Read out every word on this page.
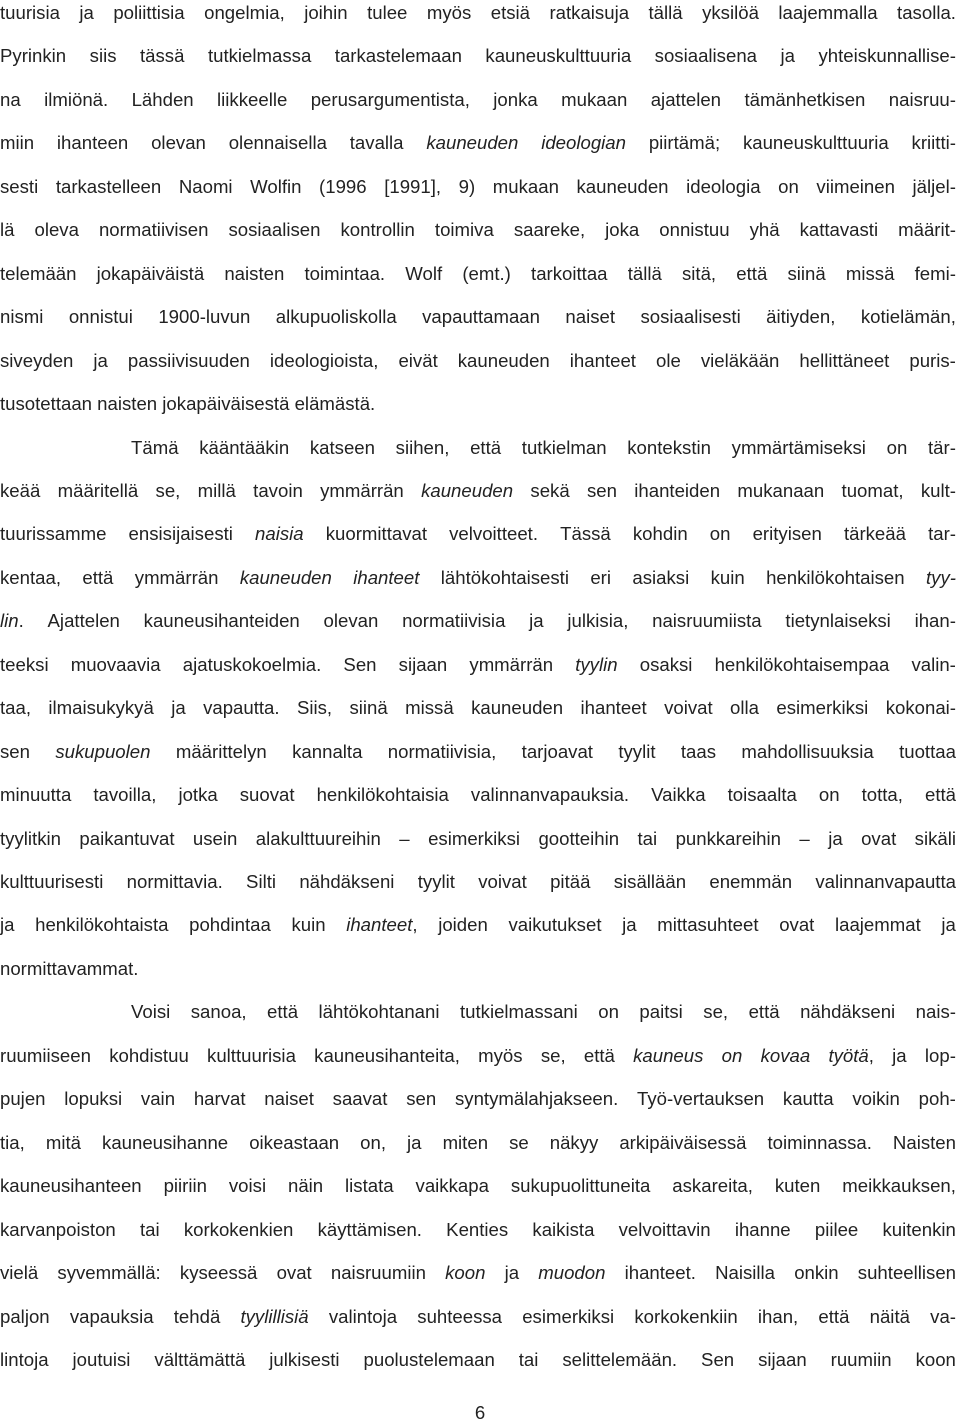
tuurisia ja poliittisia ongelmia, joihin tulee myös etsiä ratkaisuja tällä yksilöä laajemmalla tasolla.
Pyrinkin siis tässä tutkielmassa tarkastelemaan kauneuskulttuuria sosiaalisena ja yhteiskunnallise-
na ilmiönä. Lähden liikkeelle perusargumentista, jonka mukaan ajattelen tämänhetkisen naisruu-
miin ihanteen olevan olennaisella tavalla kauneuden ideologian piirtämä; kauneuskulttuuria kriitti-
sesti tarkastelleen Naomi Wolfin (1996 [1991], 9) mukaan kauneuden ideologia on viimeinen jäljel-
lä oleva normatiivisen sosiaalisen kontrollin toimiva saareke, joka onnistuu yhä kattavasti määrit-
telemään jokapäiväistä naisten toimintaa. Wolf (emt.) tarkoittaa tällä sitä, että siinä missä femi-
nismi onnistui 1900-luvun alkupuoliskolla vapauttamaan naiset sosiaalisesti äitiyden, kotielämän,
siveyden ja passiivisuuden ideologioista, eivät kauneuden ihanteet ole vieläkään hellittäneet puris-
tusotettaan naisten jokapäiväisestä elämästä.
Tämä kääntääkin katseen siihen, että tutkielman kontekstin ymmärtämiseksi on tär-
keää määritellä se, millä tavoin ymmärrän kauneuden sekä sen ihanteiden mukanaan tuomat, kult-
tuurissamme ensisijaisesti naisia kuormittavat velvoitteet. Tässä kohdin on erityisen tärkeää tar-
kentaa, että ymmärrän kauneuden ihanteet lähtökohtaisesti eri asiaksi kuin henkilökohtaisen tyy-
lin. Ajattelen kauneusihanteiden olevan normatiivisia ja julkisia, naisruumiista tietynlaiseksi ihan-
teeksi muovaavia ajatuskokoelmia. Sen sijaan ymmärrän tyylin osaksi henkilökohtaisempaa valin-
taa, ilmaisukykyä ja vapautta. Siis, siinä missä kauneuden ihanteet voivat olla esimerkiksi kokonai-
sen sukupuolen määrittelyn kannalta normatiivisia, tarjoavat tyylit taas mahdollisuuksia tuottaa
minuutta tavoilla, jotka suovat henkilökohtaisia valinnanvapauksia. Vaikka toisaalta on totta, että
tyylitkin paikantuvat usein alakulttuureihin – esimerkiksi gootteihin tai punkkareihin – ja ovat sikäli
kulttuurisesti normittavia. Silti nähdäkseni tyylit voivat pitää sisällään enemmän valinnanvapautta
ja henkilökohtaista pohdintaa kuin ihanteet, joiden vaikutukset ja mittasuhteet ovat laajemmat ja
normittavammat.
Voisi sanoa, että lähtökohtanani tutkielmassani on paitsi se, että nähdäkseni nais-
ruumiiseen kohdistuu kulttuurisia kauneusihanteita, myös se, että kauneus on kovaa työtä, ja lop-
pujen lopuksi vain harvat naiset saavat sen syntymälahjakseen. Työ-vertauksen kautta voikin poh-
tia, mitä kauneusihanne oikeastaan on, ja miten se näkyy arkipäiväisessä toiminnassa. Naisten
kauneusihanteen piiriin voisi näin listata vaikkapa sukupuolittuneita askareita, kuten meikkauksen,
karvanpoiston tai korkokenkien käyttämisen. Kenties kaikista velvoittavin ihanne piilee kuitenkin
vielä syvemmällä: kyseessä ovat naisruumiin koon ja muodon ihanteet. Naisilla onkin suhteellisen
paljon vapauksia tehdä tyylillisiä valintoja suhteessa esimerkiksi korkokenkiin ihan, että näitä va-
lintoja joutuisi välttämättä julkisesti puolustelemaan tai selittelemään. Sen sijaan ruumiin koon
6
